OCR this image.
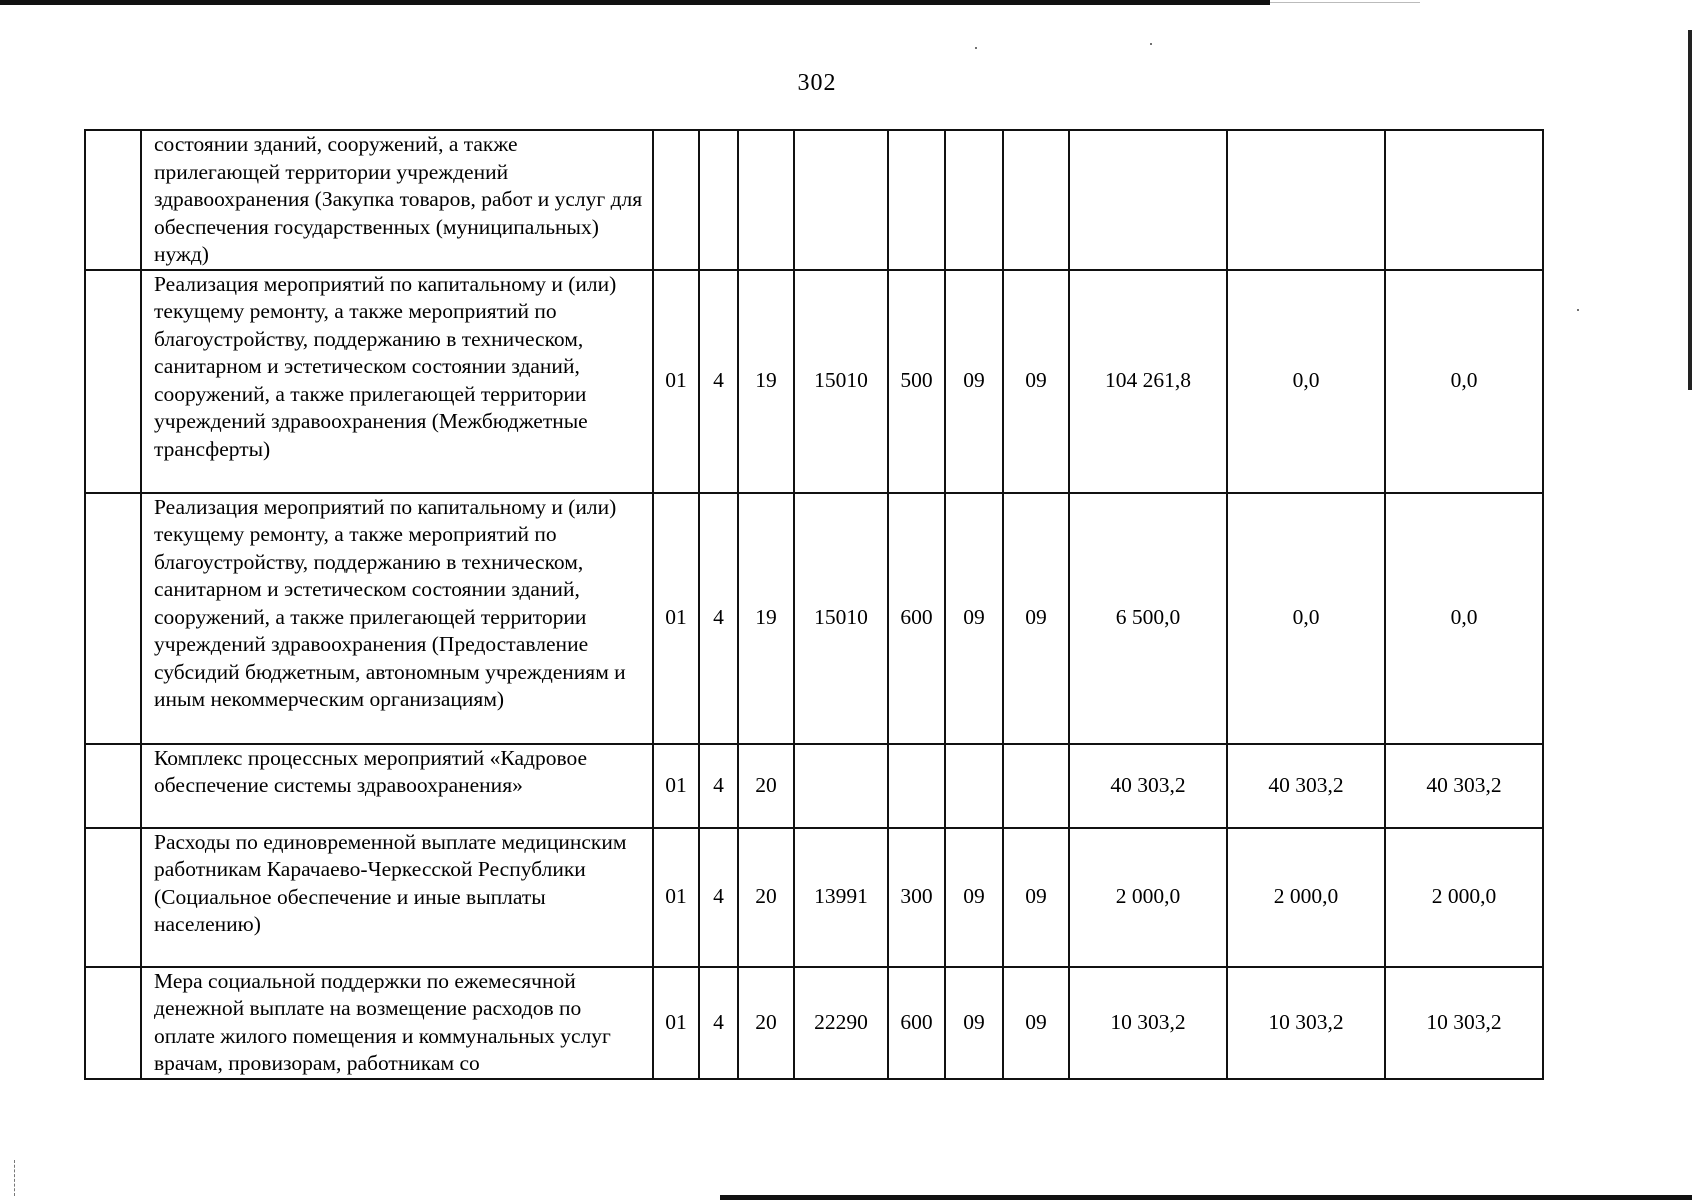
302
	состоянии зданий, сооружений, а также прилегающей территории учреждений здравоохранения (Закупка товаров, работ и услуг для обеспечения государственных (муниципальных) нужд)										
	Реализация мероприятий по капитальному и (или) текущему ремонту, а также мероприятий по благоустройству, поддержанию в техническом, санитарном и эстетическом состоянии зданий, сооружений, а также прилегающей территории учреждений здравоохранения (Межбюджетные трансферты)	01	4	19	15010	500	09	09	104 261,8	0,0	0,0
	Реализация мероприятий по капитальному и (или) текущему ремонту, а также мероприятий по благоустройству, поддержанию в техническом, санитарном и эстетическом состоянии зданий, сооружений, а также прилегающей территории учреждений здравоохранения (Предоставление субсидий бюджетным, автономным учреждениям и иным некоммерческим организациям)	01	4	19	15010	600	09	09	6 500,0	0,0	0,0
	Комплекс процессных мероприятий «Кадровое обеспечение системы здравоохранения»	01	4	20					40 303,2	40 303,2	40 303,2
	Расходы по единовременной выплате медицинским работникам Карачаево-Черкесской Республики (Социальное обеспечение и иные выплаты населению)	01	4	20	13991	300	09	09	2 000,0	2 000,0	2 000,0
	Мера социальной поддержки по ежемесячной денежной выплате на возмещение расходов по оплате жилого помещения и коммунальных услуг врачам, провизорам, работникам со	01	4	20	22290	600	09	09	10 303,2	10 303,2	10 303,2
